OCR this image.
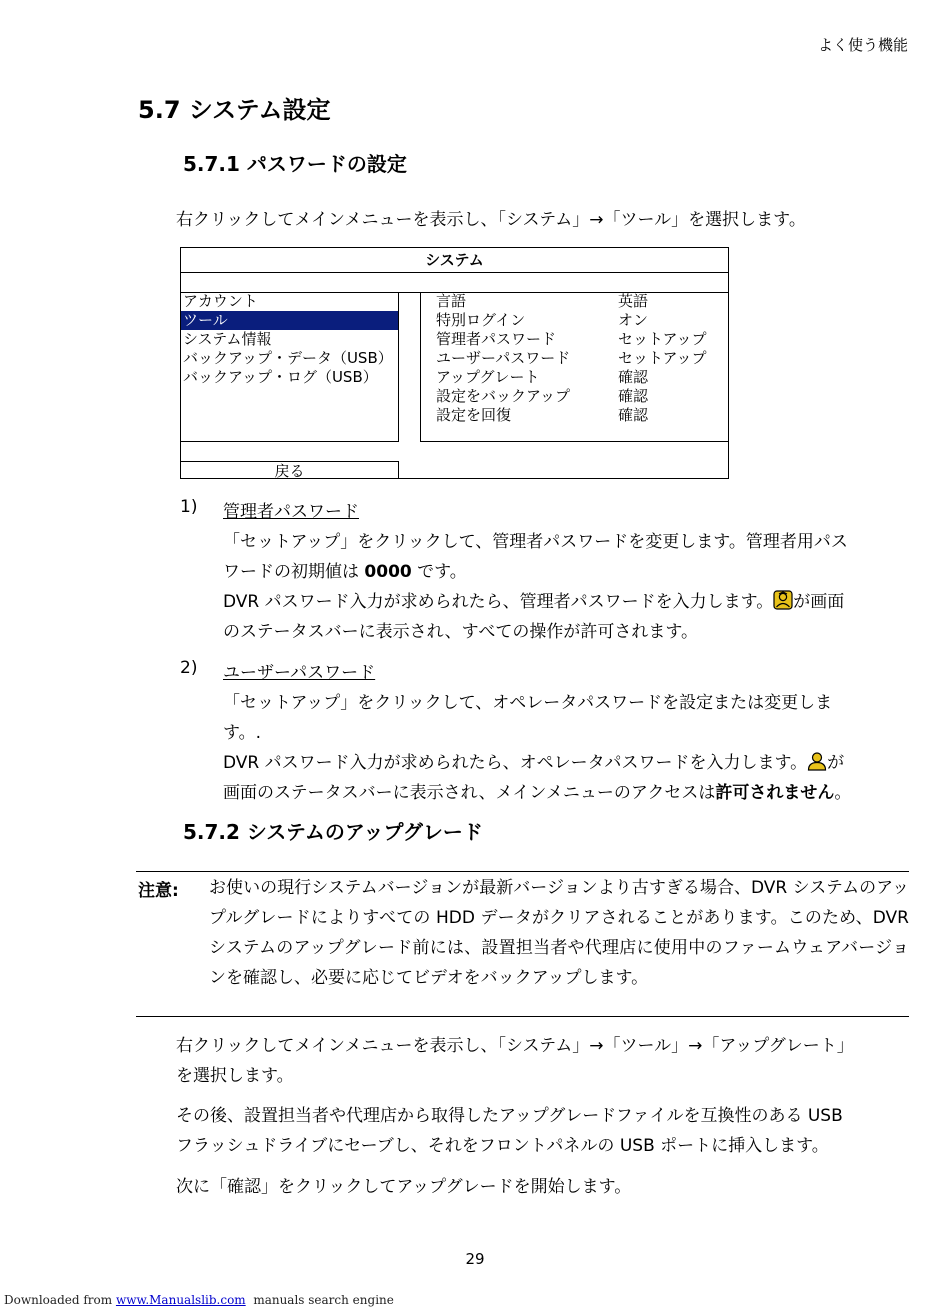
よく使う機能
5.7 システム設定
5.7.1 パスワードの設定
右クリックしてメインメニューを表示し、「システム」→「ツール」を選択します。
システム
アカウント
ツール
システム情報
バックアップ・データ（USB）
バックアップ・ログ（USB）
言語	英語
特別ログイン	オン
管理者パスワード	セットアップ
ユーザーパスワード	セットアップ
アップグレート	確認
設定をバックアップ	確認
設定を回復	確認
戻る
1) 管理者パスワード
「セットアップ」をクリックして、管理者パスワードを変更します。管理者用パス
ワードの初期値は 0000 です。
DVR パスワード入力が求められたら、管理者パスワードを入力します。 が画面
のステータスバーに表示され、すべての操作が許可されます。
2) ユーザーパスワード
「セットアップ」をクリックして、オペレータパスワードを設定または変更しま
す。.
DVR パスワード入力が求められたら、オペレータパスワードを入力します。 が
画面のステータスバーに表示され、メインメニューのアクセスは許可されません。
5.7.2 システムのアップグレード
注意: お使いの現行システムバージョンが最新バージョンより古すぎる場合、DVR システムのアップルグレードによりすべての HDD データがクリアされることがあります。このため、DVR システムのアップグレード前には、設置担当者や代理店に使用中のファームウェアバージョンを確認し、必要に応じてビデオをバックアップします。
右クリックしてメインメニューを表示し、「システム」→「ツール」→「アップグレート」
を選択します。
その後、設置担当者や代理店から取得したアップグレードファイルを互換性のある USB
フラッシュドライブにセーブし、それをフロントパネルの USB ポートに挿入します。
次に「確認」をクリックしてアップグレードを開始します。
29
Downloaded from www.Manualslib.com  manuals search engine
